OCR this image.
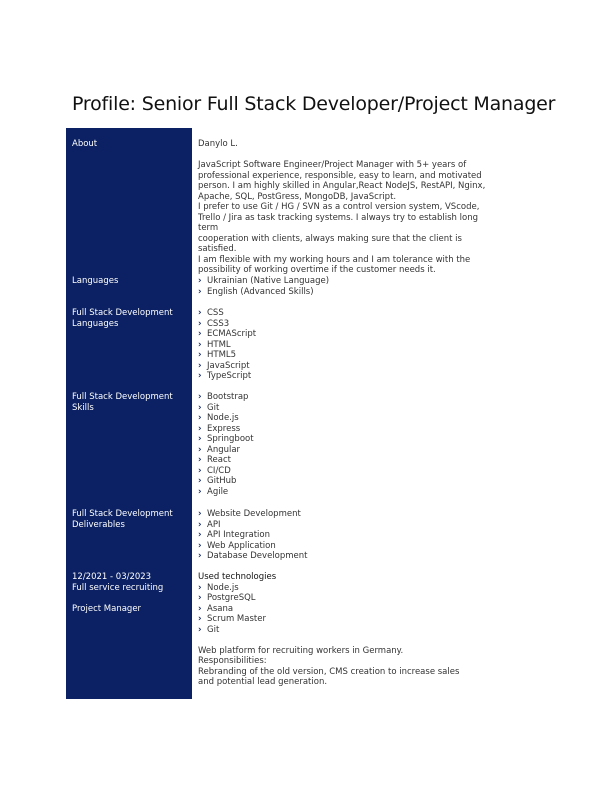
Profile: Senior Full Stack Developer/Project Manager
About	Danylo L.

JavaScript Software Engineer/Project Manager with 5+ years of

professional experience, responsible, easy to learn, and motivated

person. I am highly skilled in Angular,React NodeJS, RestAPI, Nginx,

Apache, SQL, PostGress, MongoDB, JavaScript.

I prefer to use Git / HG / SVN as a control version system, VScode,

Trello / Jira as task tracking systems. I always try to establish long term

cooperation with clients, always making sure that the client is satisfied.

I am flexible with my working hours and I am tolerance with the

possibility of working overtime if the customer needs it.

Languages	› Ukrainian (Native Language)
› English (Advanced Skills)
Full Stack Development
Languages
› CSS
› CSS3
› ECMAScript
› HTML
› HTML5
› JavaScript
› TypeScript
Full Stack Development
Skills
› Bootstrap
› Git
› Node.js
› Express
› Springboot
› Angular
› React
› CI/CD
› GitHub
› Agile
Full Stack Development
Deliverables
› Website Development
› API
› API Integration
› Web Application
› Database Development
12/2021 - 03/2023
Full service recruiting
Project Manager
Used technologies
› Node.js
› PostgreSQL
› Asana
› Scrum Master
› Git

Web platform for recruiting workers in Germany.

Responsibilities:

Rebranding of the old version, CMS creation to increase sales

and potential lead generation.
